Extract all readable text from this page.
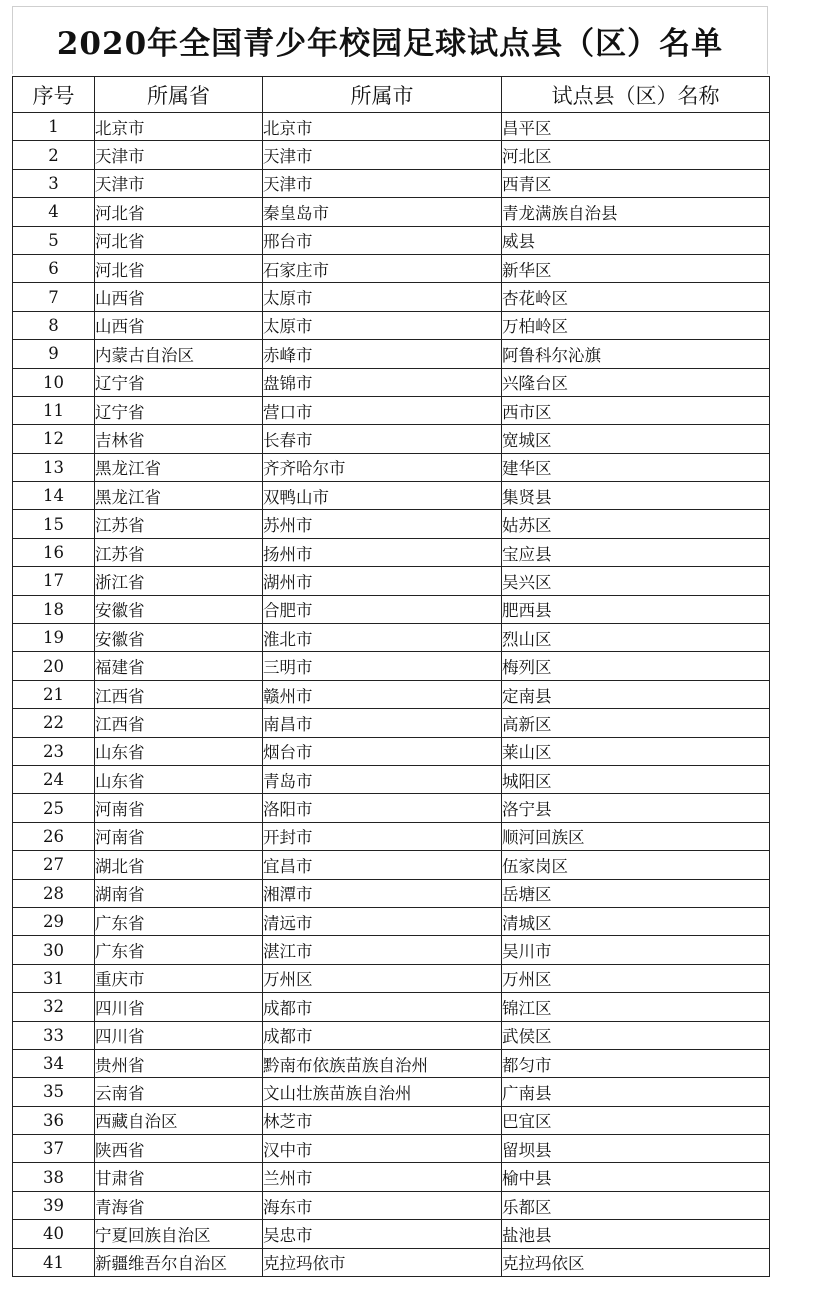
2020年全国青少年校园足球试点县（区）名单
序号	所属省	所属市	试点县（区）名称
1	北京市	北京市	昌平区
2	天津市	天津市	河北区
3	天津市	天津市	西青区
4	河北省	秦皇岛市	青龙满族自治县
5	河北省	邢台市	威县
6	河北省	石家庄市	新华区
7	山西省	太原市	杏花岭区
8	山西省	太原市	万柏岭区
9	内蒙古自治区	赤峰市	阿鲁科尔沁旗
10	辽宁省	盘锦市	兴隆台区
11	辽宁省	营口市	西市区
12	吉林省	长春市	宽城区
13	黑龙江省	齐齐哈尔市	建华区
14	黑龙江省	双鸭山市	集贤县
15	江苏省	苏州市	姑苏区
16	江苏省	扬州市	宝应县
17	浙江省	湖州市	吴兴区
18	安徽省	合肥市	肥西县
19	安徽省	淮北市	烈山区
20	福建省	三明市	梅列区
21	江西省	赣州市	定南县
22	江西省	南昌市	高新区
23	山东省	烟台市	莱山区
24	山东省	青岛市	城阳区
25	河南省	洛阳市	洛宁县
26	河南省	开封市	顺河回族区
27	湖北省	宜昌市	伍家岗区
28	湖南省	湘潭市	岳塘区
29	广东省	清远市	清城区
30	广东省	湛江市	吴川市
31	重庆市	万州区	万州区
32	四川省	成都市	锦江区
33	四川省	成都市	武侯区
34	贵州省	黔南布依族苗族自治州	都匀市
35	云南省	文山壮族苗族自治州	广南县
36	西藏自治区	林芝市	巴宜区
37	陕西省	汉中市	留坝县
38	甘肃省	兰州市	榆中县
39	青海省	海东市	乐都区
40	宁夏回族自治区	吴忠市	盐池县
41	新疆维吾尔自治区	克拉玛依市	克拉玛依区
